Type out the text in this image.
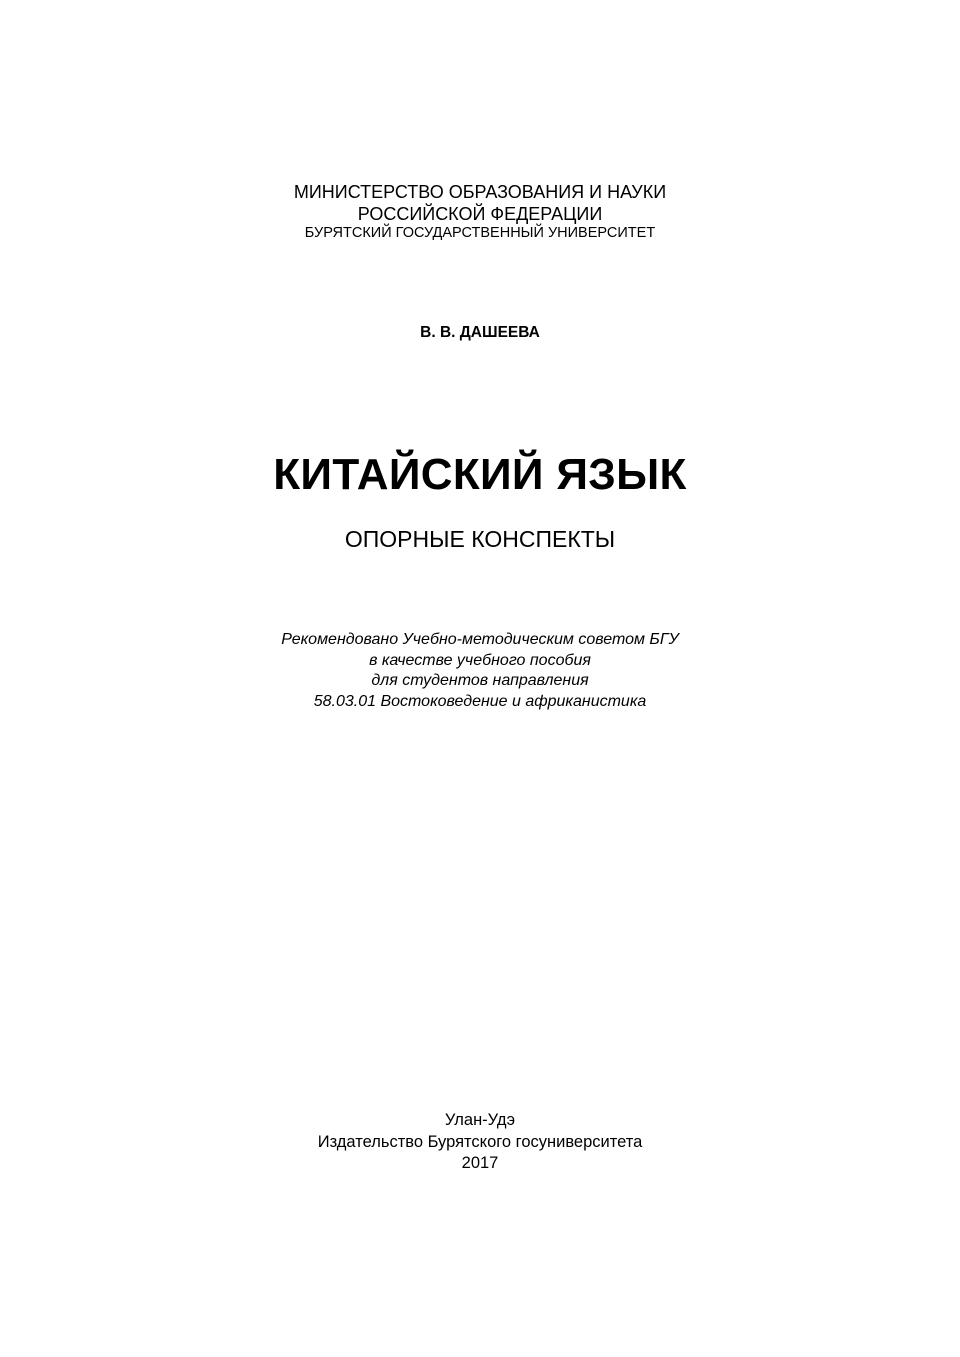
МИНИСТЕРСТВО ОБРАЗОВАНИЯ И НАУКИ
РОССИЙСКОЙ ФЕДЕРАЦИИ
БУРЯТСКИЙ ГОСУДАРСТВЕННЫЙ УНИВЕРСИТЕТ
В. В. ДАШЕЕВА
КИТАЙСКИЙ ЯЗЫК
ОПОРНЫЕ КОНСПЕКТЫ
Рекомендовано Учебно-методическим советом БГУ
в качестве учебного пособия
для студентов направления
58.03.01 Востоковедение и африканистика
Улан-Удэ
Издательство Бурятского госуниверситета
2017
